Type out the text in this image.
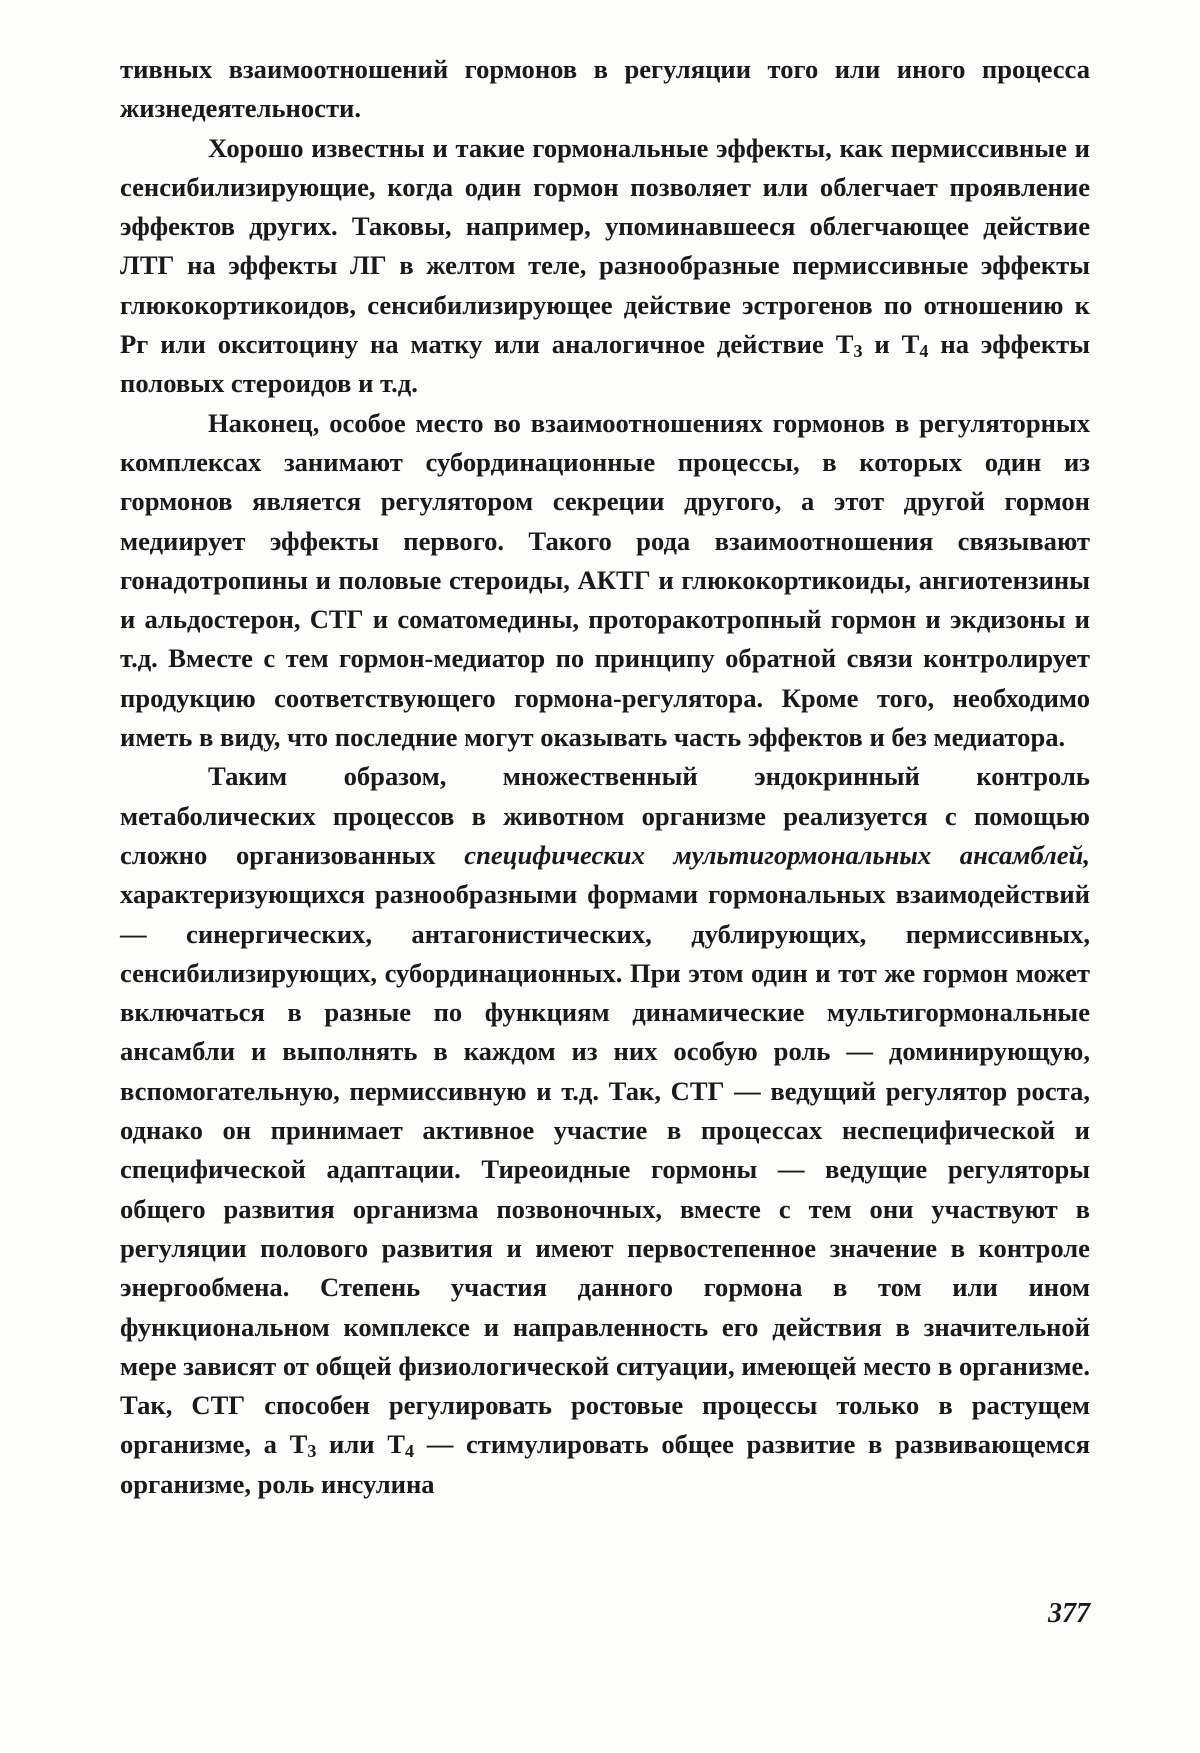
тивных взаимоотношений гормонов в регуляции того или иного процесса жизнедеятельности.

Хорошо известны и такие гормональные эффекты, как пермиссивные и сенсибилизирующие, когда один гормон позволяет или облегчает проявление эффектов других. Таковы, например, упоминавшееся облегчающее действие ЛТГ на эффекты ЛГ в желтом теле, разнообразные пермиссивные эффекты глюкокортикоидов, сенсибилизирующее действие эстрогенов по отношению к Рг или окситоцину на матку или аналогичное действие $Т_3$ и $Т_4$ на эффекты половых стероидов и т.д.

Наконец, особое место во взаимоотношениях гормонов в регуляторных комплексах занимают субординационные процессы, в которых один из гормонов является регулятором секреции другого, а этот другой гормон медиирует эффекты первого. Такого рода взаимоотношения связывают гонадотропины и половые стероиды, АКТГ и глюкокортикоиды, ангиотензины и альдостерон, СТГ и соматомедины, проторакотропный гормон и экдизоны и т.д. Вместе с тем гормон-медиатор по принципу обратной связи контролирует продукцию соответствующего гормона-регулятора. Кроме того, необходимо иметь в виду, что последние могут оказывать часть эффектов и без медиатора.

Таким образом, множественный эндокринный контроль метаболических процессов в животном организме реализуется с помощью сложно организованных специфических мультигормональных ансамблей, характеризующихся разнообразными формами гормональных взаимодействий — синергических, антагонистических, дублирующих, пермиссивных, сенсибилизирующих, субординационных. При этом один и тот же гормон может включаться в разные по функциям динамические мультигормональные ансамбли и выполнять в каждом из них особую роль — доминирующую, вспомогательную, пермиссивную и т.д. Так, СТГ — ведущий регулятор роста, однако он принимает активное участие в процессах неспецифической и специфической адаптации. Тиреоидные гормоны — ведущие регуляторы общего развития организма позвоночных, вместе с тем они участвуют в регуляции полового развития и имеют первостепенное значение в контроле энергообмена. Степень участия данного гормона в том или ином функциональном комплексе и направленность его действия в значительной мере зависят от общей физиологической ситуации, имеющей место в организме. Так, СТГ способен регулировать ростовые процессы только в растущем организме, а $Т_3$ или $Т_4$ — стимулировать общее развитие в развивающемся организме, роль инсулина

377
